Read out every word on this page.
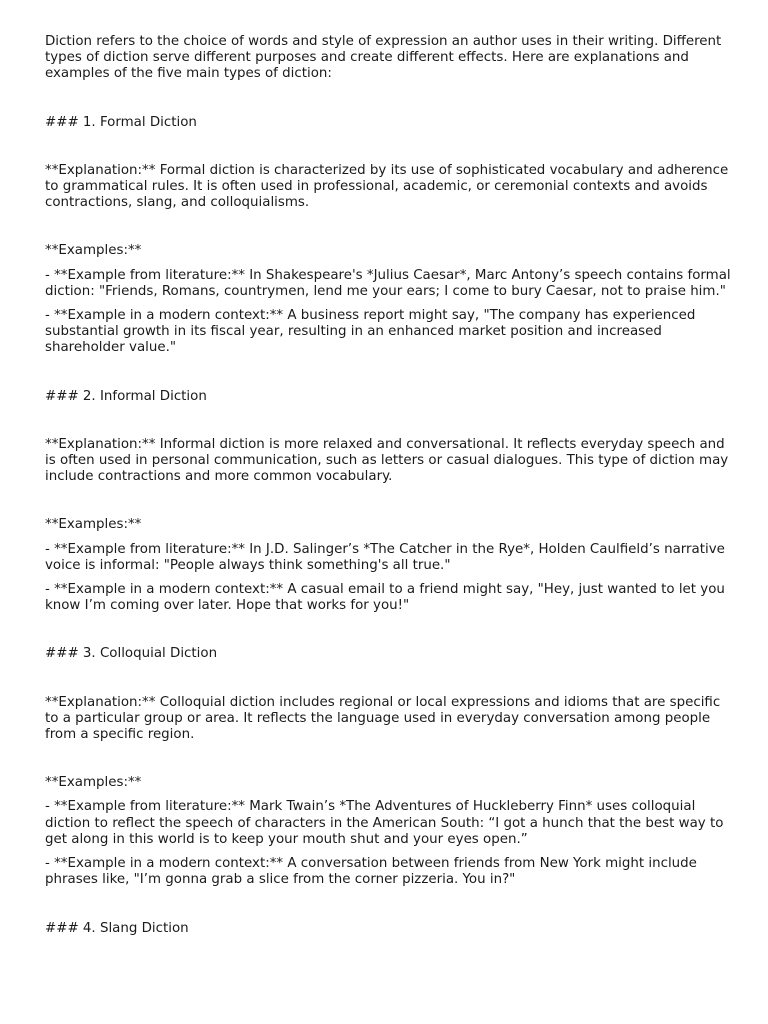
Diction refers to the choice of words and style of expression an author uses in their writing. Different types of diction serve different purposes and create different effects. Here are explanations and examples of the five main types of diction:

### 1. Formal Diction

**Explanation:** Formal diction is characterized by its use of sophisticated vocabulary and adherence to grammatical rules. It is often used in professional, academic, or ceremonial contexts and avoids contractions, slang, and colloquialisms.

**Examples:**

- **Example from literature:** In Shakespeare's *Julius Caesar*, Marc Antony’s speech contains formal diction: "Friends, Romans, countrymen, lend me your ears; I come to bury Caesar, not to praise him."

- **Example in a modern context:** A business report might say, "The company has experienced substantial growth in its fiscal year, resulting in an enhanced market position and increased shareholder value."

### 2. Informal Diction

**Explanation:** Informal diction is more relaxed and conversational. It reflects everyday speech and is often used in personal communication, such as letters or casual dialogues. This type of diction may include contractions and more common vocabulary.

**Examples:**

- **Example from literature:** In J.D. Salinger’s *The Catcher in the Rye*, Holden Caulfield’s narrative voice is informal: "People always think something's all true."

- **Example in a modern context:** A casual email to a friend might say, "Hey, just wanted to let you know I’m coming over later. Hope that works for you!"

### 3. Colloquial Diction

**Explanation:** Colloquial diction includes regional or local expressions and idioms that are specific to a particular group or area. It reflects the language used in everyday conversation among people from a specific region.

**Examples:**

- **Example from literature:** Mark Twain’s *The Adventures of Huckleberry Finn* uses colloquial diction to reflect the speech of characters in the American South: “I got a hunch that the best way to get along in this world is to keep your mouth shut and your eyes open.”

- **Example in a modern context:** A conversation between friends from New York might include phrases like, "I’m gonna grab a slice from the corner pizzeria. You in?"

### 4. Slang Diction
